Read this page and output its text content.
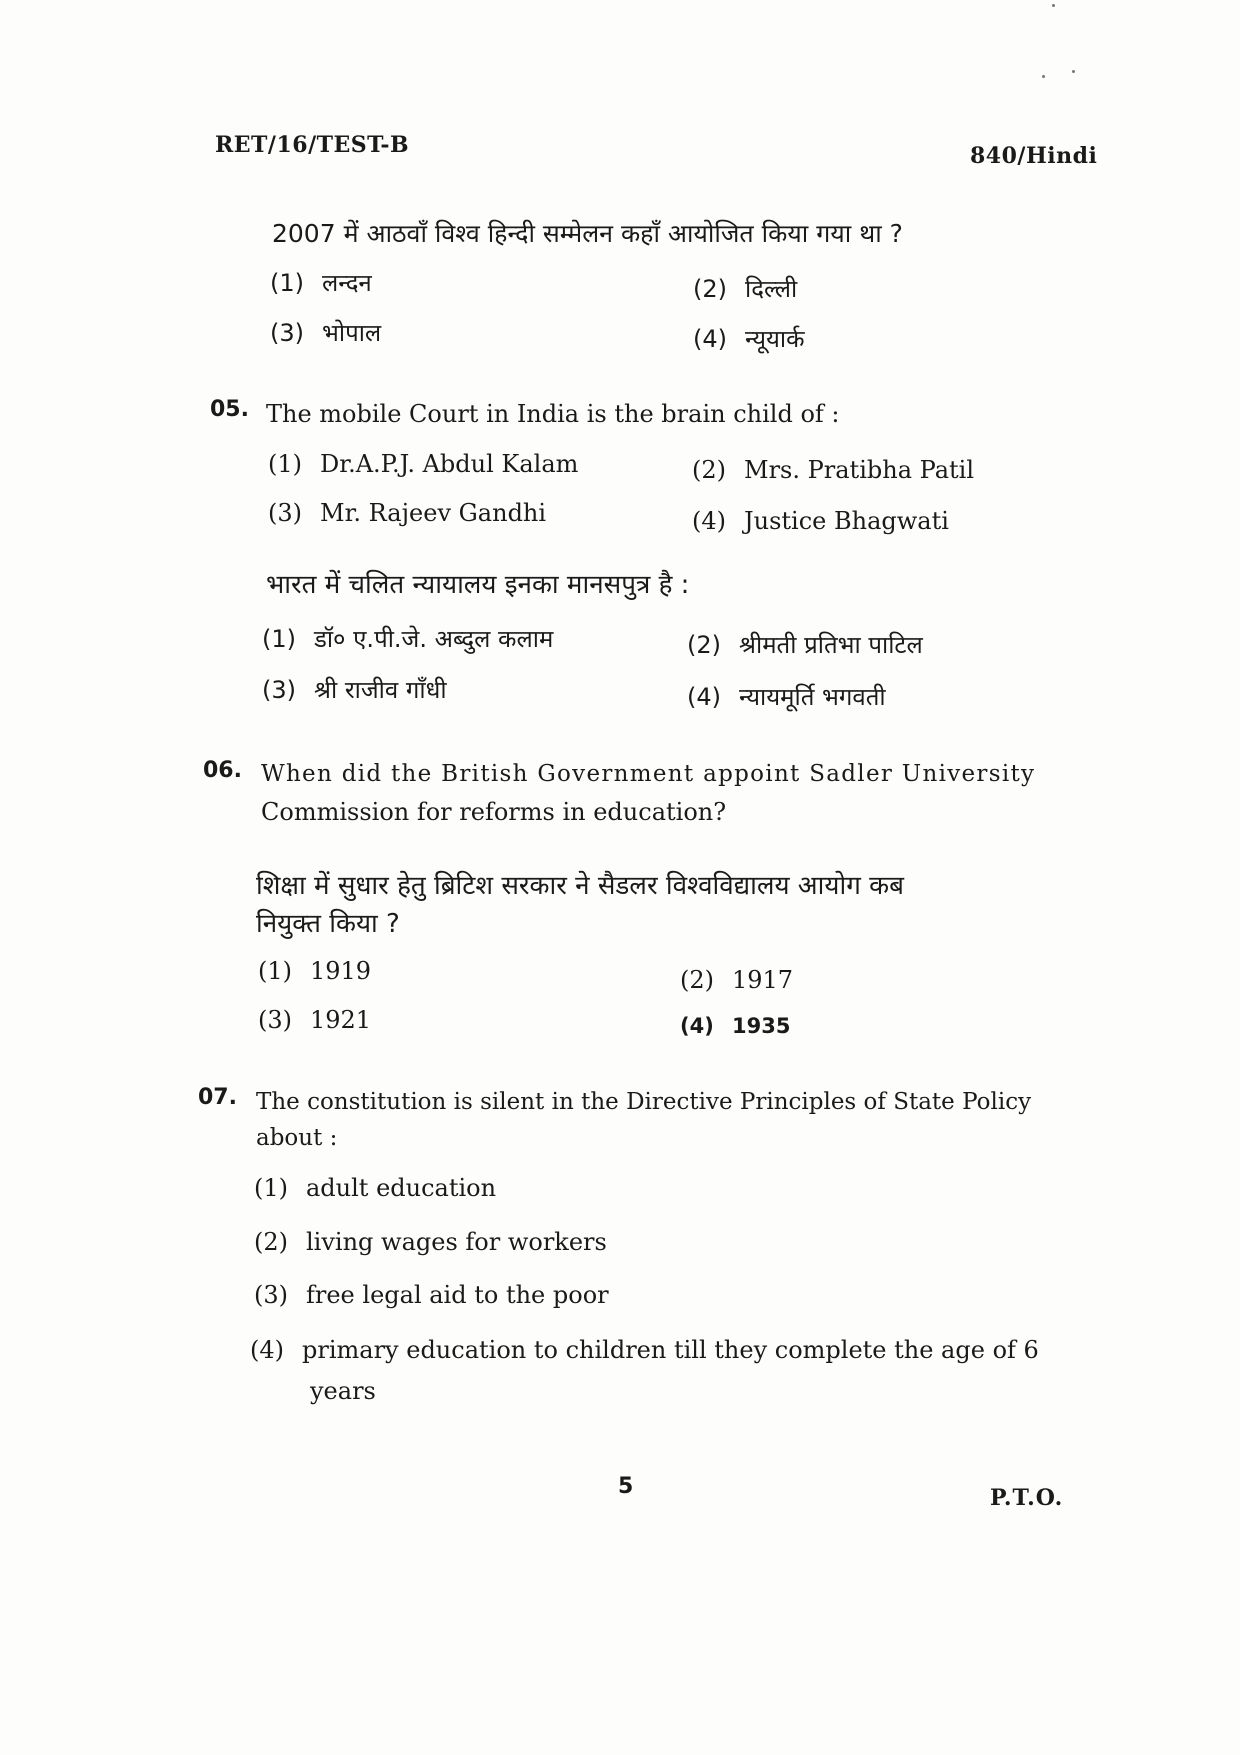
RET/16/TEST-B	840/Hindi
2007 में आठवाँ विश्व हिन्दी सम्मेलन कहाँ आयोजित किया गया था ?
(1) लन्दन	(2) दिल्ली
(3) भोपाल	(4) न्यूयार्क
05. The mobile Court in India is the brain child of :
(1) Dr.A.P.J. Abdul Kalam	(2) Mrs. Pratibha Patil
(3) Mr. Rajeev Gandhi	(4) Justice Bhagwati
भारत में चलित न्यायालय इनका मानसपुत्र है :
(1) डॉ० ए.पी.जे. अब्दुल कलाम	(2) श्रीमती प्रतिभा पाटिल
(3) श्री राजीव गाँधी	(4) न्यायमूर्ति भगवती
06. When did the British Government appoint Sadler University
Commission for reforms in education?
शिक्षा में सुधार हेतु ब्रिटिश सरकार ने सैडलर विश्वविद्यालय आयोग कब
नियुक्त किया ?
(1) 1919	(2) 1917
(3) 1921	(4) 1935
07. The constitution is silent in the Directive Principles of State Policy
about :
(1) adult education
(2) living wages for workers
(3) free legal aid to the poor
(4) primary education to children till they complete the age of 6
years
5	P.T.O.
